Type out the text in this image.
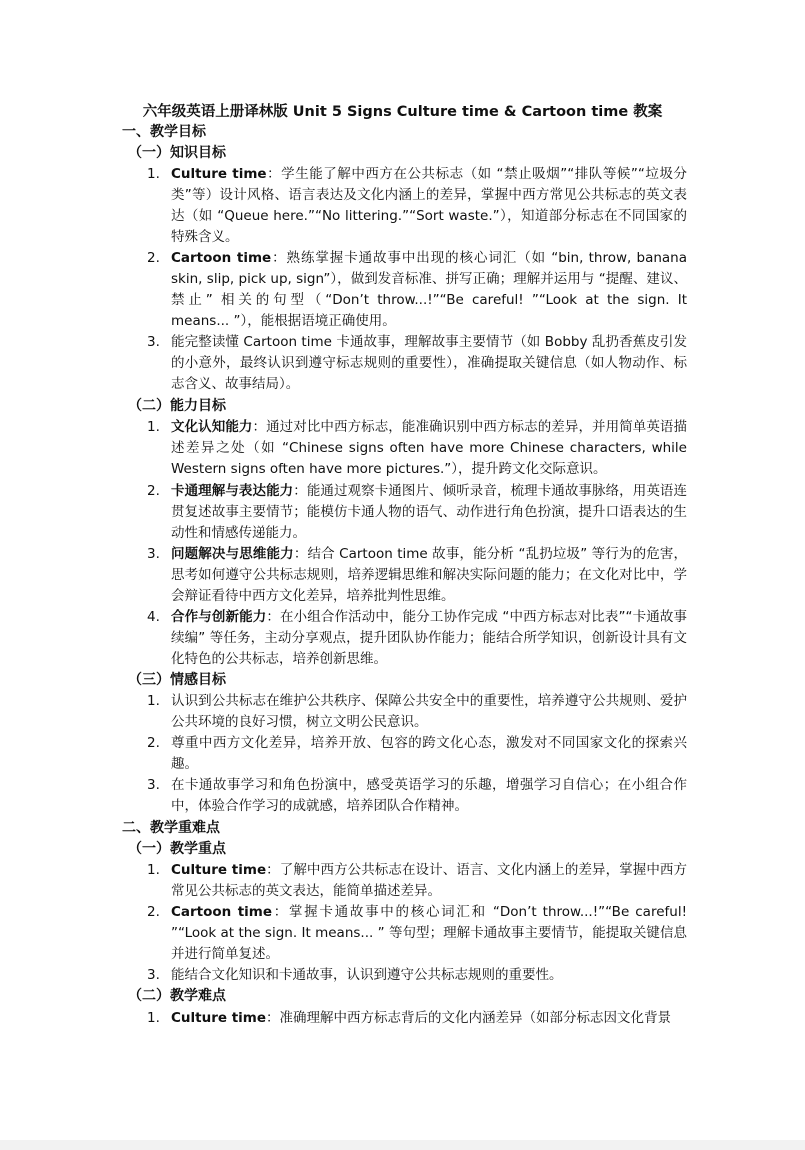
六年级英语上册译林版 Unit 5 Signs Culture time & Cartoon time 教案
一、教学目标
（一）知识目标
1. Culture time：学生能了解中西方在公共标志（如 “禁止吸烟”“排队等候”“垃圾分类”等）设计风格、语言表达及文化内涵上的差异，掌握中西方常见公共标志的英文表达（如 “Queue here.”“No littering.”“Sort waste.”），知道部分标志在不同国家的特殊含义。
2. Cartoon time：熟练掌握卡通故事中出现的核心词汇（如 “bin, throw, banana skin, slip, pick up, sign”），做到发音标准、拼写正确；理解并运用与 “提醒、建议、禁止” 相关的句型（“Don’t throw...!”“Be careful! ”“Look at the sign. It means... ”），能根据语境正确使用。
3. 能完整读懂 Cartoon time 卡通故事，理解故事主要情节（如 Bobby 乱扔香蕉皮引发的小意外，最终认识到遵守标志规则的重要性），准确提取关键信息（如人物动作、标志含义、故事结局）。
（二）能力目标
1. 文化认知能力：通过对比中西方标志，能准确识别中西方标志的差异，并用简单英语描述差异之处（如 “Chinese signs often have more Chinese characters, while Western signs often have more pictures.”），提升跨文化交际意识。
2. 卡通理解与表达能力：能通过观察卡通图片、倾听录音，梳理卡通故事脉络，用英语连贯复述故事主要情节；能模仿卡通人物的语气、动作进行角色扮演，提升口语表达的生动性和情感传递能力。
3. 问题解决与思维能力：结合 Cartoon time 故事，能分析 “乱扔垃圾” 等行为的危害，思考如何遵守公共标志规则，培养逻辑思维和解决实际问题的能力；在文化对比中，学会辩证看待中西方文化差异，培养批判性思维。
4. 合作与创新能力：在小组合作活动中，能分工协作完成 “中西方标志对比表”“卡通故事续编” 等任务，主动分享观点，提升团队协作能力；能结合所学知识，创新设计具有文化特色的公共标志，培养创新思维。
（三）情感目标
1. 认识到公共标志在维护公共秩序、保障公共安全中的重要性，培养遵守公共规则、爱护公共环境的良好习惯，树立文明公民意识。
2. 尊重中西方文化差异，培养开放、包容的跨文化心态，激发对不同国家文化的探索兴趣。
3. 在卡通故事学习和角色扮演中，感受英语学习的乐趣，增强学习自信心；在小组合作中，体验合作学习的成就感，培养团队合作精神。
二、教学重难点
（一）教学重点
1. Culture time：了解中西方公共标志在设计、语言、文化内涵上的差异，掌握中西方常见公共标志的英文表达，能简单描述差异。
2. Cartoon time：掌握卡通故事中的核心词汇和 “Don’t throw...!”“Be careful! ”“Look at the sign. It means... ” 等句型；理解卡通故事主要情节，能提取关键信息并进行简单复述。
3. 能结合文化知识和卡通故事，认识到遵守公共标志规则的重要性。
（二）教学难点
1. Culture time：准确理解中西方标志背后的文化内涵差异（如部分标志因文化背景
